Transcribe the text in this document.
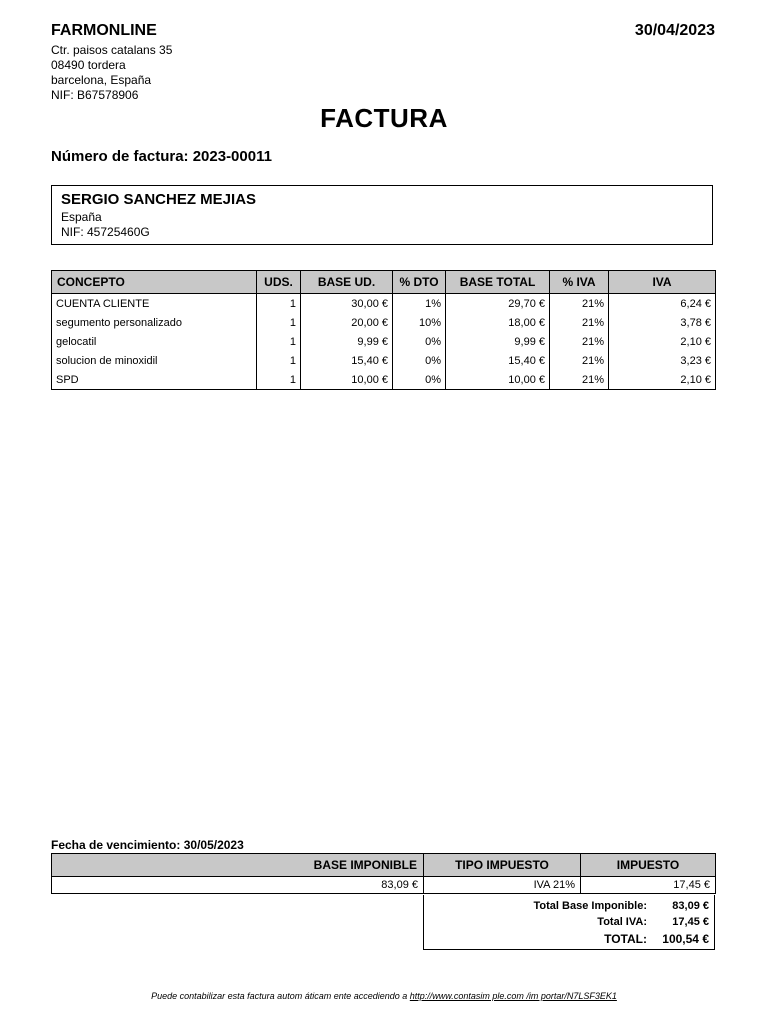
FARMONLINE	30/04/2023
Ctr. paisos catalans 35
08490 tordera
barcelona, España
NIF: B67578906
FACTURA
Número de factura: 2023-00011
SERGIO SANCHEZ MEJIAS
España
NIF: 45725460G
CONCEPTO	UDS.	BASE UD.	% DTO	BASE TOTAL	% IVA	IVA
CUENTA CLIENTE	1	30,00 €	1%	29,70 €	21%	6,24 €
segumento personalizado	1	20,00 €	10%	18,00 €	21%	3,78 €
gelocatil	1	9,99 €	0%	9,99 €	21%	2,10 €
solucion de minoxidil	1	15,40 €	0%	15,40 €	21%	3,23 €
SPD	1	10,00 €	0%	10,00 €	21%	2,10 €
Fecha de vencimiento: 30/05/2023
BASE IMPONIBLE	TIPO IMPUESTO	IMPUESTO
83,09 €	IVA 21%	17,45 €
Total Base Imponible:	83,09 €
Total IVA:	17,45 €
TOTAL:	100,54 €
Puede contabilizar esta factura autom áticam ente accediendo a http://www.contasim ple.com /im portar/N7LSF3EK1
